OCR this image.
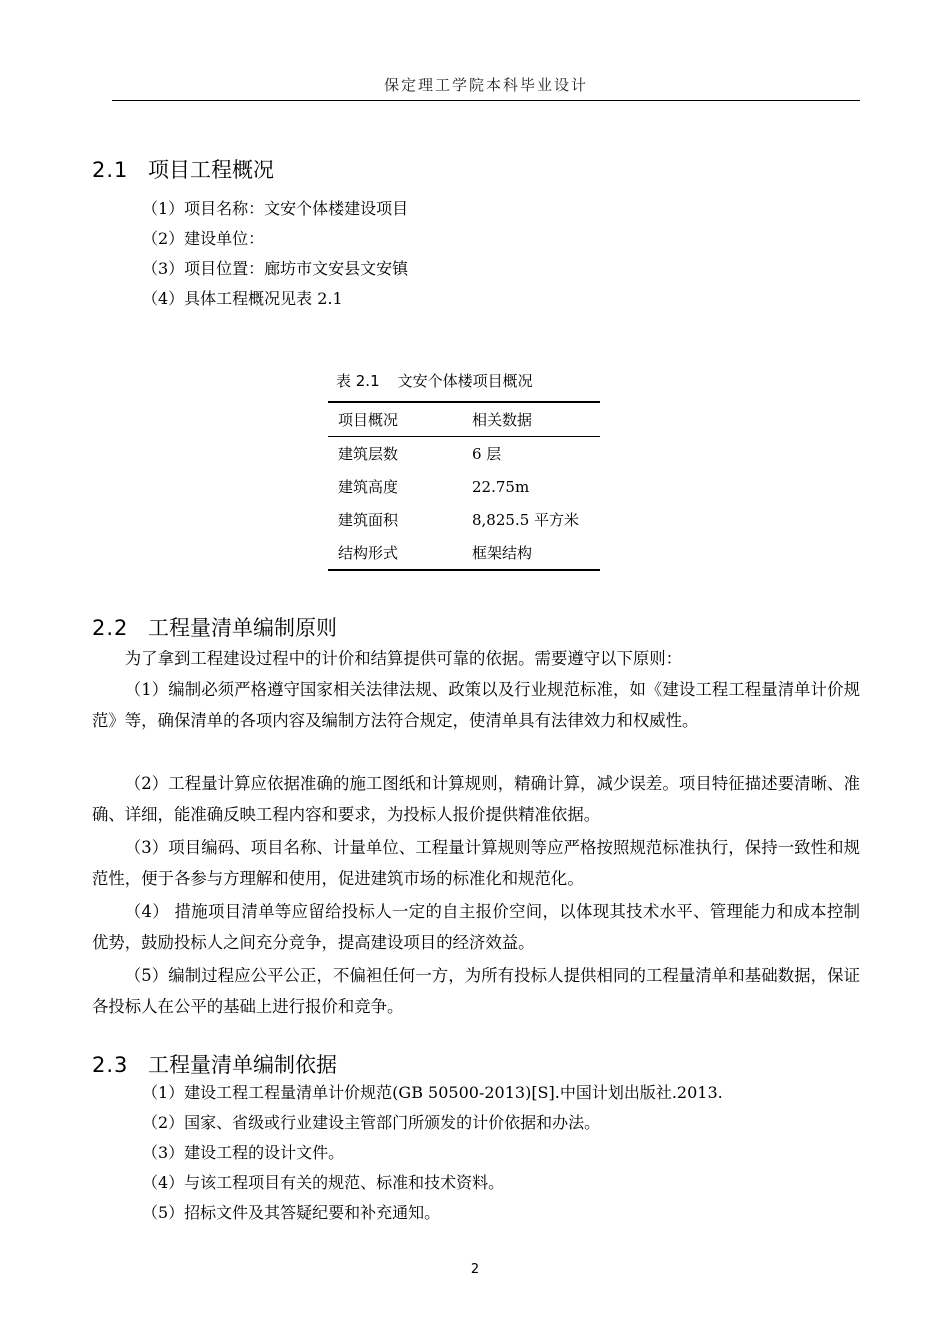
保定理工学院本科毕业设计
2.1 项目工程概况
（1）项目名称：文安个体楼建设项目
（2）建设单位：
（3）项目位置：廊坊市文安县文安镇
（4）具体工程概况见表 2.1
表 2.1 文安个体楼项目概况
项目概况	相关数据
建筑层数	6 层
建筑高度	22.75m
建筑面积	8,825.5 平方米
结构形式	框架结构
2.2 工程量清单编制原则
为了拿到工程建设过程中的计价和结算提供可靠的依据。需要遵守以下原则：
（1）编制必须严格遵守国家相关法律法规、政策以及行业规范标准，如《建设工程工程量清单计价规范》等，确保清单的各项内容及编制方法符合规定，使清单具有法律效力和权威性。
（2）工程量计算应依据准确的施工图纸和计算规则，精确计算，减少误差。项目特征描述要清晰、准确、详细，能准确反映工程内容和要求，为投标人报价提供精准依据。
（3）项目编码、项目名称、计量单位、工程量计算规则等应严格按照规范标准执行，保持一致性和规范性，便于各参与方理解和使用，促进建筑市场的标准化和规范化。
（4） 措施项目清单等应留给投标人一定的自主报价空间，以体现其技术水平、管理能力和成本控制优势，鼓励投标人之间充分竞争，提高建设项目的经济效益。
（5）编制过程应公平公正，不偏袒任何一方，为所有投标人提供相同的工程量清单和基础数据，保证各投标人在公平的基础上进行报价和竞争。
2.3 工程量清单编制依据
（1）建设工程工程量清单计价规范(GB 50500-2013)[S].中国计划出版社.2013.
（2）国家、省级或行业建设主管部门所颁发的计价依据和办法。
（3）建设工程的设计文件。
（4）与该工程项目有关的规范、标准和技术资料。
（5）招标文件及其答疑纪要和补充通知。
2
